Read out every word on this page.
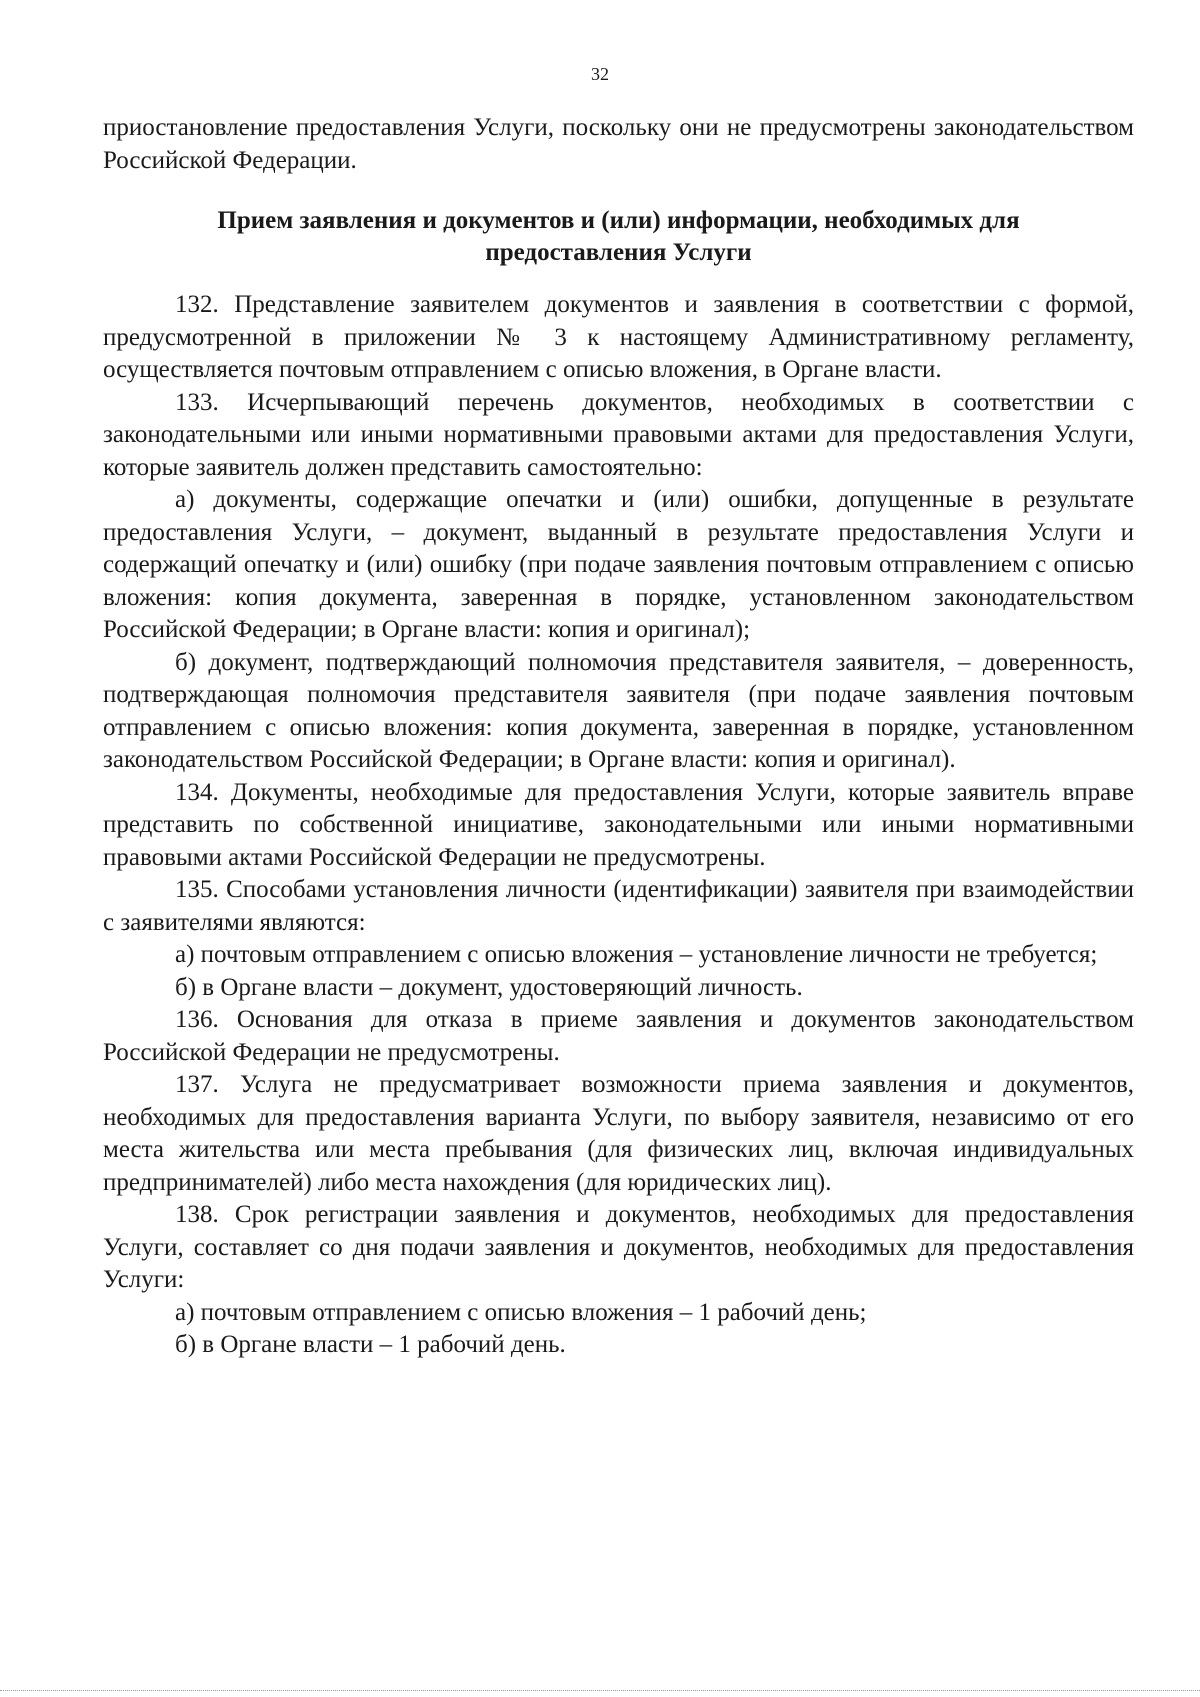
32

приостановление предоставления Услуги, поскольку они не предусмотрены законодательством Российской Федерации.

Прием заявления и документов и (или) информации, необходимых для
предоставления Услуги

132. Представление заявителем документов и заявления в соответствии с формой, предусмотренной в приложении № 3 к настоящему Административному регламенту, осуществляется почтовым отправлением с описью вложения, в Органе власти.

133. Исчерпывающий перечень документов, необходимых в соответствии с законодательными или иными нормативными правовыми актами для предоставления Услуги, которые заявитель должен представить самостоятельно:

а) документы, содержащие опечатки и (или) ошибки, допущенные в результате предоставления Услуги, – документ, выданный в результате предоставления Услуги и содержащий опечатку и (или) ошибку (при подаче заявления почтовым отправлением с описью вложения: копия документа, заверенная в порядке, установленном законодательством Российской Федерации; в Органе власти: копия и оригинал);

б) документ, подтверждающий полномочия представителя заявителя, – доверенность, подтверждающая полномочия представителя заявителя (при подаче заявления почтовым отправлением с описью вложения: копия документа, заверенная в порядке, установленном законодательством Российской Федерации; в Органе власти: копия и оригинал).

134. Документы, необходимые для предоставления Услуги, которые заявитель вправе представить по собственной инициативе, законодательными или иными нормативными правовыми актами Российской Федерации не предусмотрены.

135. Способами установления личности (идентификации) заявителя при взаимодействии с заявителями являются:

а) почтовым отправлением с описью вложения – установление личности не требуется;

б) в Органе власти – документ, удостоверяющий личность.

136. Основания для отказа в приеме заявления и документов законодательством Российской Федерации не предусмотрены.

137. Услуга не предусматривает возможности приема заявления и документов, необходимых для предоставления варианта Услуги, по выбору заявителя, независимо от его места жительства или места пребывания (для физических лиц, включая индивидуальных предпринимателей) либо места нахождения (для юридических лиц).

138. Срок регистрации заявления и документов, необходимых для предоставления Услуги, составляет со дня подачи заявления и документов, необходимых для предоставления Услуги:

а) почтовым отправлением с описью вложения – 1 рабочий день;

б) в Органе власти – 1 рабочий день.
